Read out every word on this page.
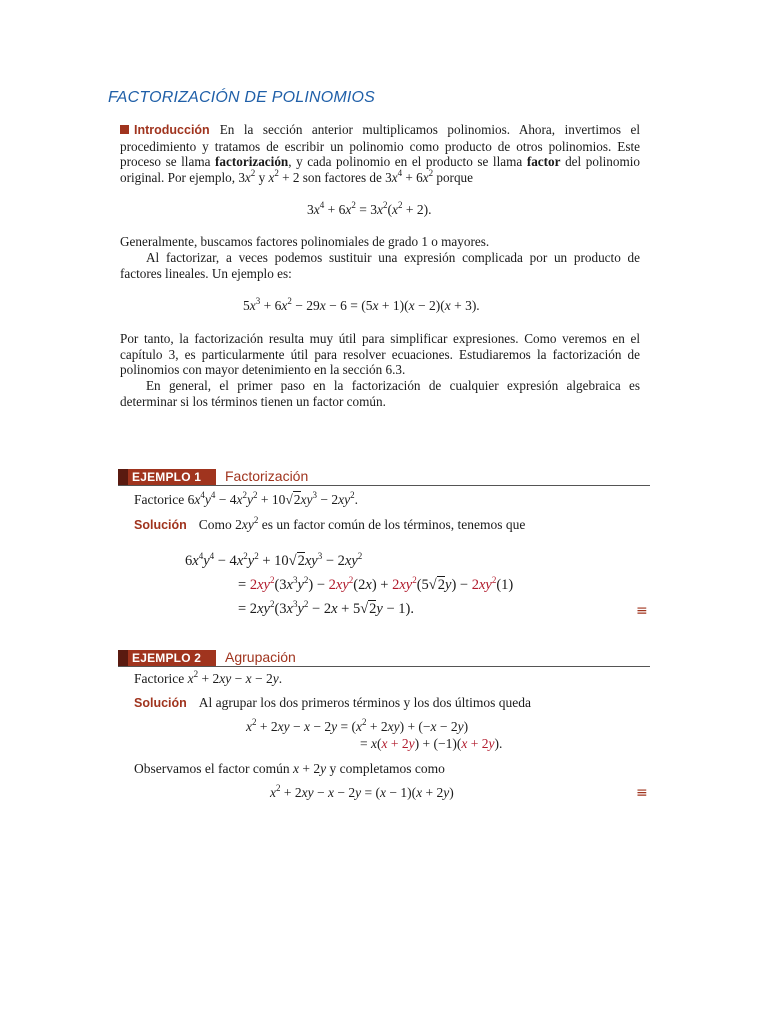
FACTORIZACIÓN DE POLINOMIOS
Introducción En la sección anterior multiplicamos polinomios. Ahora, invertimos el procedimiento y tratamos de escribir un polinomio como producto de otros polinomios. Este proceso se llama factorización, y cada polinomio en el producto se llama factor del polinomio original. Por ejemplo, $3x^2$ y $x^2 + 2$ son factores de $3x^4 + 6x^2$ porque
$3x^4 + 6x^2 = 3x^2(x^2 + 2)$.
Generalmente, buscamos factores polinomiales de grado 1 o mayores.
Al factorizar, a veces podemos sustituir una expresión complicada por un producto de factores lineales. Un ejemplo es:
$5x^3 + 6x^2 - 29x - 6 = (5x + 1)(x - 2)(x + 3)$.
Por tanto, la factorización resulta muy útil para simplificar expresiones. Como veremos en el capítulo 3, es particularmente útil para resolver ecuaciones. Estudiaremos la factorización de polinomios con mayor detenimiento en la sección 6.3.
En general, el primer paso en la factorización de cualquier expresión algebraica es determinar si los términos tienen un factor común.
EJEMPLO 1 Factorización
Factorice $6x^4y^4 - 4x^2y^2 + 10√2xy^3 - 2xy^2$.
Solución Como $2xy^2$ es un factor común de los términos, tenemos que
$6x^4y^4 - 4x^2y^2 + 10√2xy^3 - 2xy^2$
= $2xy^2(3x^3y^2) - 2xy^2(2x) + 2xy^2(5√2y) - 2xy^2(1)$
= $2xy^2(3x^3y^2 - 2x + 5√2y - 1)$.	≡
EJEMPLO 2 Agrupación
Factorice $x^2 + 2xy - x - 2y$.
Solución Al agrupar los dos primeros términos y los dos últimos queda
$x^2 + 2xy - x - 2y = (x^2 + 2xy) + (-x - 2y)$
= x(x + 2y) + (−1)(x + 2y).
Observamos el factor común x + 2y y completamos como
$x^2 + 2xy - x - 2y = (x - 1)(x + 2y)$	≡
